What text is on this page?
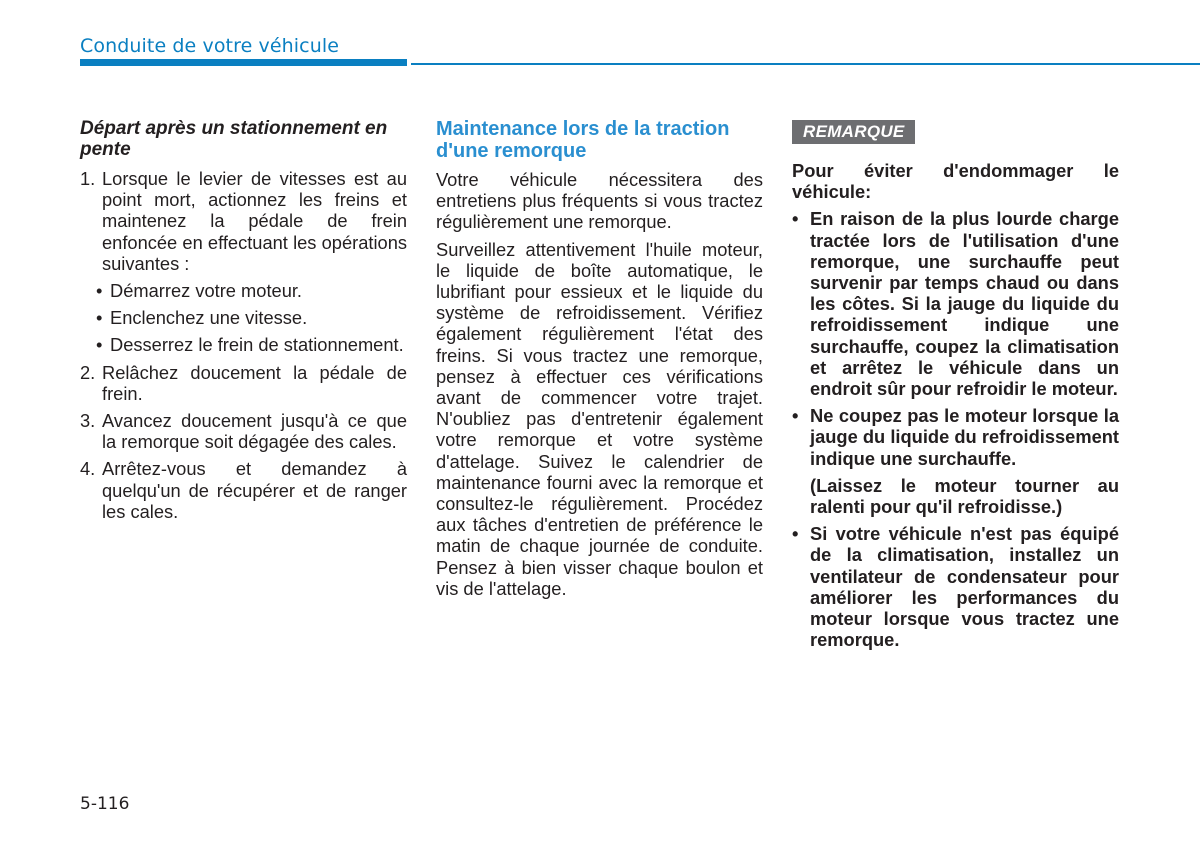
Conduite de votre véhicule
Départ après un stationnement en pente
1. Lorsque le levier de vitesses est au point mort, actionnez les freins et maintenez la pédale de frein enfoncée en effectuant les opérations suivantes :
• Démarrez votre moteur.
• Enclenchez une vitesse.
• Desserrez le frein de stationnement.
2. Relâchez doucement la pédale de frein.
3. Avancez doucement jusqu'à ce que la remorque soit dégagée des cales.
4. Arrêtez-vous et demandez à quelqu'un de récupérer et de ranger les cales.
Maintenance lors de la traction d'une remorque

Votre véhicule nécessitera des entretiens plus fréquents si vous tractez régulièrement une remorque.

Surveillez attentivement l'huile moteur, le liquide de boîte automatique, le lubrifiant pour essieux et le liquide du système de refroidissement. Vérifiez également régulièrement l'état des freins. Si vous tractez une remorque, pensez à effectuer ces vérifications avant de commencer votre trajet. N'oubliez pas d'entretenir également votre remorque et votre système d'attelage. Suivez le calendrier de maintenance fourni avec la remorque et consultez-le régulièrement. Procédez aux tâches d'entretien de préférence le matin de chaque journée de conduite. Pensez à bien visser chaque boulon et vis de l'attelage.

REMARQUE
Pour éviter d'endommager le véhicule:
• En raison de la plus lourde charge tractée lors de l'utilisation d'une remorque, une surchauffe peut survenir par temps chaud ou dans les côtes. Si la jauge du liquide du refroidissement indique une surchauffe, coupez la climatisation et arrêtez le véhicule dans un endroit sûr pour refroidir le moteur.
• Ne coupez pas le moteur lorsque la jauge du liquide du refroidissement indique une surchauffe.
(Laissez le moteur tourner au ralenti pour qu'il refroidisse.)
• Si votre véhicule n'est pas équipé de la climatisation, installez un ventilateur de condensateur pour améliorer les performances du moteur lorsque vous tractez une remorque.
5-116
